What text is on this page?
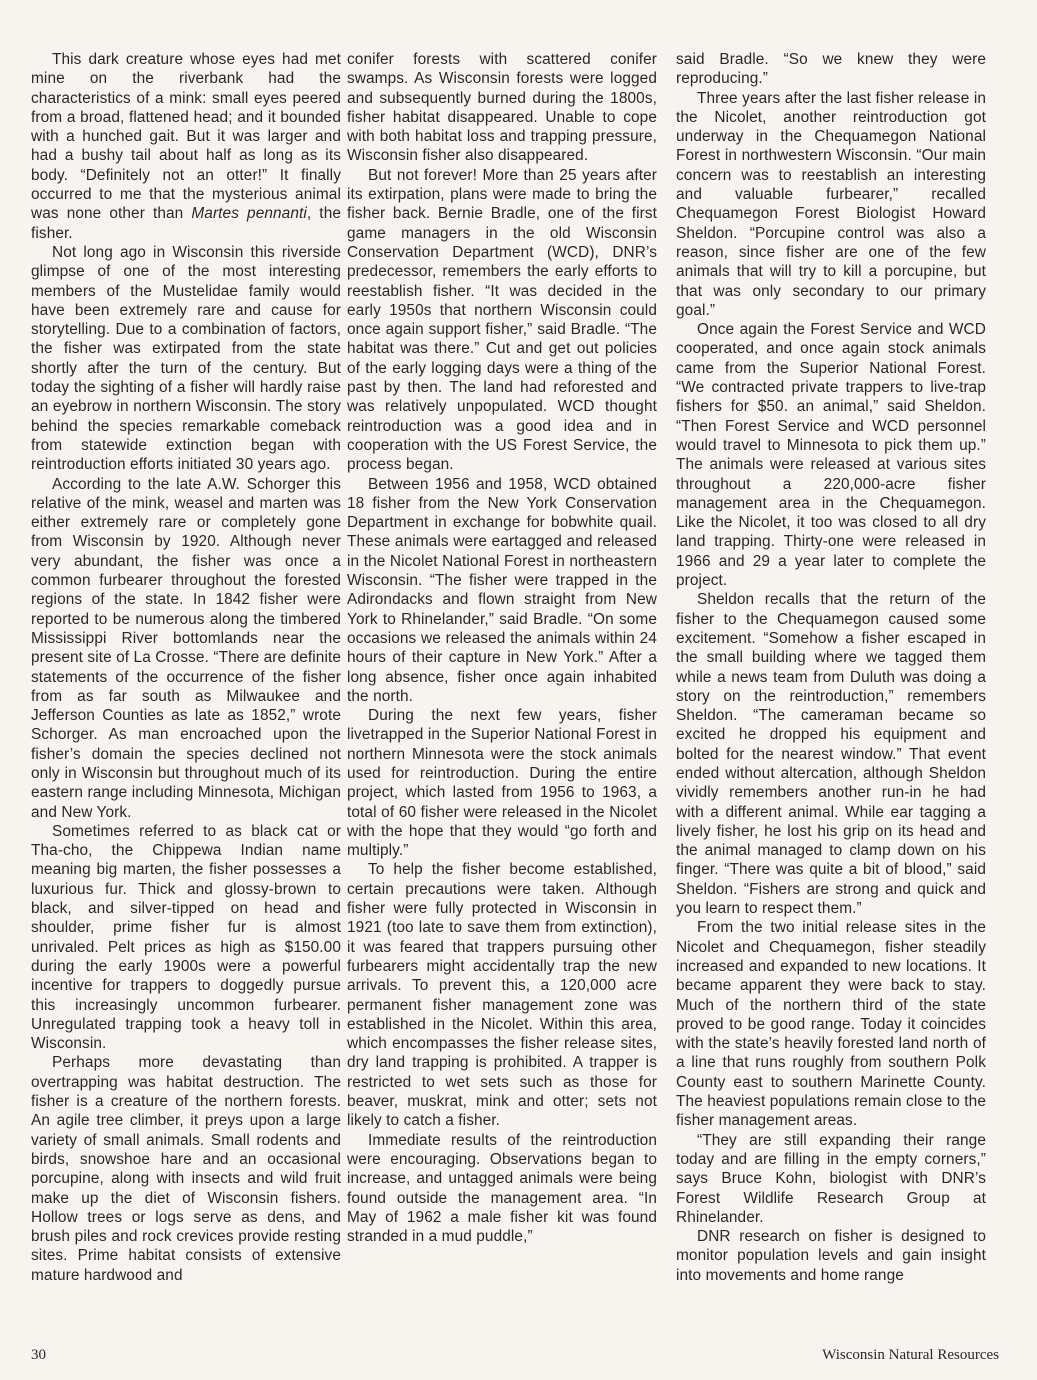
This dark creature whose eyes had met mine on the riverbank had the characteristics of a mink: small eyes peered from a broad, flattened head; and it bounded with a hunched gait. But it was larger and had a bushy tail about half as long as its body. “Definitely not an otter!” It finally occurred to me that the mysterious animal was none other than Martes pennanti, the fisher.

Not long ago in Wisconsin this riverside glimpse of one of the most interesting members of the Mustelidae family would have been extremely rare and cause for storytelling. Due to a combination of factors, the fisher was extirpated from the state shortly after the turn of the century. But today the sighting of a fisher will hardly raise an eyebrow in northern Wisconsin. The story behind the species remarkable comeback from statewide extinction began with reintroduction efforts initiated 30 years ago.

According to the late A.W. Schorger this relative of the mink, weasel and marten was either extremely rare or completely gone from Wisconsin by 1920. Although never very abundant, the fisher was once a common furbearer throughout the forested regions of the state. In 1842 fisher were reported to be numerous along the timbered Mississippi River bottomlands near the present site of La Crosse. “There are definite statements of the occurrence of the fisher from as far south as Milwaukee and Jefferson Counties as late as 1852,” wrote Schorger. As man encroached upon the fisher’s domain the species declined not only in Wisconsin but throughout much of its eastern range including Minnesota, Michigan and New York.

Sometimes referred to as black cat or Tha-cho, the Chippewa Indian name meaning big marten, the fisher possesses a luxurious fur. Thick and glossy-brown to black, and silver-tipped on head and shoulder, prime fisher fur is almost unrivaled. Pelt prices as high as $150.00 during the early 1900s were a powerful incentive for trappers to doggedly pursue this increasingly uncommon furbearer. Unregulated trapping took a heavy toll in Wisconsin.

Perhaps more devastating than overtrapping was habitat destruction. The fisher is a creature of the northern forests. An agile tree climber, it preys upon a large variety of small animals. Small rodents and birds, snowshoe hare and an occasional porcupine, along with insects and wild fruit make up the diet of Wisconsin fishers. Hollow trees or logs serve as dens, and brush piles and rock crevices provide resting sites. Prime habitat consists of extensive mature hardwood and

conifer forests with scattered conifer swamps. As Wisconsin forests were logged and subsequently burned during the 1800s, fisher habitat disappeared. Unable to cope with both habitat loss and trapping pressure, Wisconsin fisher also disappeared.

But not forever! More than 25 years after its extirpation, plans were made to bring the fisher back. Bernie Bradle, one of the first game managers in the old Wisconsin Conservation Department (WCD), DNR’s predecessor, remembers the early efforts to reestablish fisher. “It was decided in the early 1950s that northern Wisconsin could once again support fisher,” said Bradle. “The habitat was there.” Cut and get out policies of the early logging days were a thing of the past by then. The land had reforested and was relatively unpopulated. WCD thought reintroduction was a good idea and in cooperation with the US Forest Service, the process began.

Between 1956 and 1958, WCD obtained 18 fisher from the New York Conservation Department in exchange for bobwhite quail. These animals were eartagged and released in the Nicolet National Forest in northeastern Wisconsin. “The fisher were trapped in the Adirondacks and flown straight from New York to Rhinelander,” said Bradle. “On some occasions we released the animals within 24 hours of their capture in New York.” After a long absence, fisher once again inhabited the north.

During the next few years, fisher livetrapped in the Superior National Forest in northern Minnesota were the stock animals used for reintroduction. During the entire project, which lasted from 1956 to 1963, a total of 60 fisher were released in the Nicolet with the hope that they would “go forth and multiply.”

To help the fisher become established, certain precautions were taken. Although fisher were fully protected in Wisconsin in 1921 (too late to save them from extinction), it was feared that trappers pursuing other furbearers might accidentally trap the new arrivals. To prevent this, a 120,000 acre permanent fisher management zone was established in the Nicolet. Within this area, which encompasses the fisher release sites, dry land trapping is prohibited. A trapper is restricted to wet sets such as those for beaver, muskrat, mink and otter; sets not likely to catch a fisher.

Immediate results of the reintroduction were encouraging. Observations began to increase, and untagged animals were being found outside the management area. “In May of 1962 a male fisher kit was found stranded in a mud puddle,”

said Bradle. “So we knew they were reproducing.”

Three years after the last fisher release in the Nicolet, another reintroduction got underway in the Chequamegon National Forest in northwestern Wisconsin. “Our main concern was to reestablish an interesting and valuable furbearer,” recalled Chequamegon Forest Biologist Howard Sheldon. “Porcupine control was also a reason, since fisher are one of the few animals that will try to kill a porcupine, but that was only secondary to our primary goal.”

Once again the Forest Service and WCD cooperated, and once again stock animals came from the Superior National Forest. “We contracted private trappers to live-trap fishers for $50. an animal,” said Sheldon. “Then Forest Service and WCD personnel would travel to Minnesota to pick them up.” The animals were released at various sites throughout a 220,000-acre fisher management area in the Chequamegon. Like the Nicolet, it too was closed to all dry land trapping. Thirty-one were released in 1966 and 29 a year later to complete the project.

Sheldon recalls that the return of the fisher to the Chequamegon caused some excitement. “Somehow a fisher escaped in the small building where we tagged them while a news team from Duluth was doing a story on the reintroduction,” remembers Sheldon. “The cameraman became so excited he dropped his equipment and bolted for the nearest window.” That event ended without altercation, although Sheldon vividly remembers another run-in he had with a different animal. While ear tagging a lively fisher, he lost his grip on its head and the animal managed to clamp down on his finger. “There was quite a bit of blood,” said Sheldon. “Fishers are strong and quick and you learn to respect them.”

From the two initial release sites in the Nicolet and Chequamegon, fisher steadily increased and expanded to new locations. It became apparent they were back to stay. Much of the northern third of the state proved to be good range. Today it coincides with the state’s heavily forested land north of a line that runs roughly from southern Polk County east to southern Marinette County. The heaviest populations remain close to the fisher management areas.

“They are still expanding their range today and are filling in the empty corners,” says Bruce Kohn, biologist with DNR’s Forest Wildlife Research Group at Rhinelander.

DNR research on fisher is designed to monitor population levels and gain insight into movements and home range

30	Wisconsin Natural Resources
